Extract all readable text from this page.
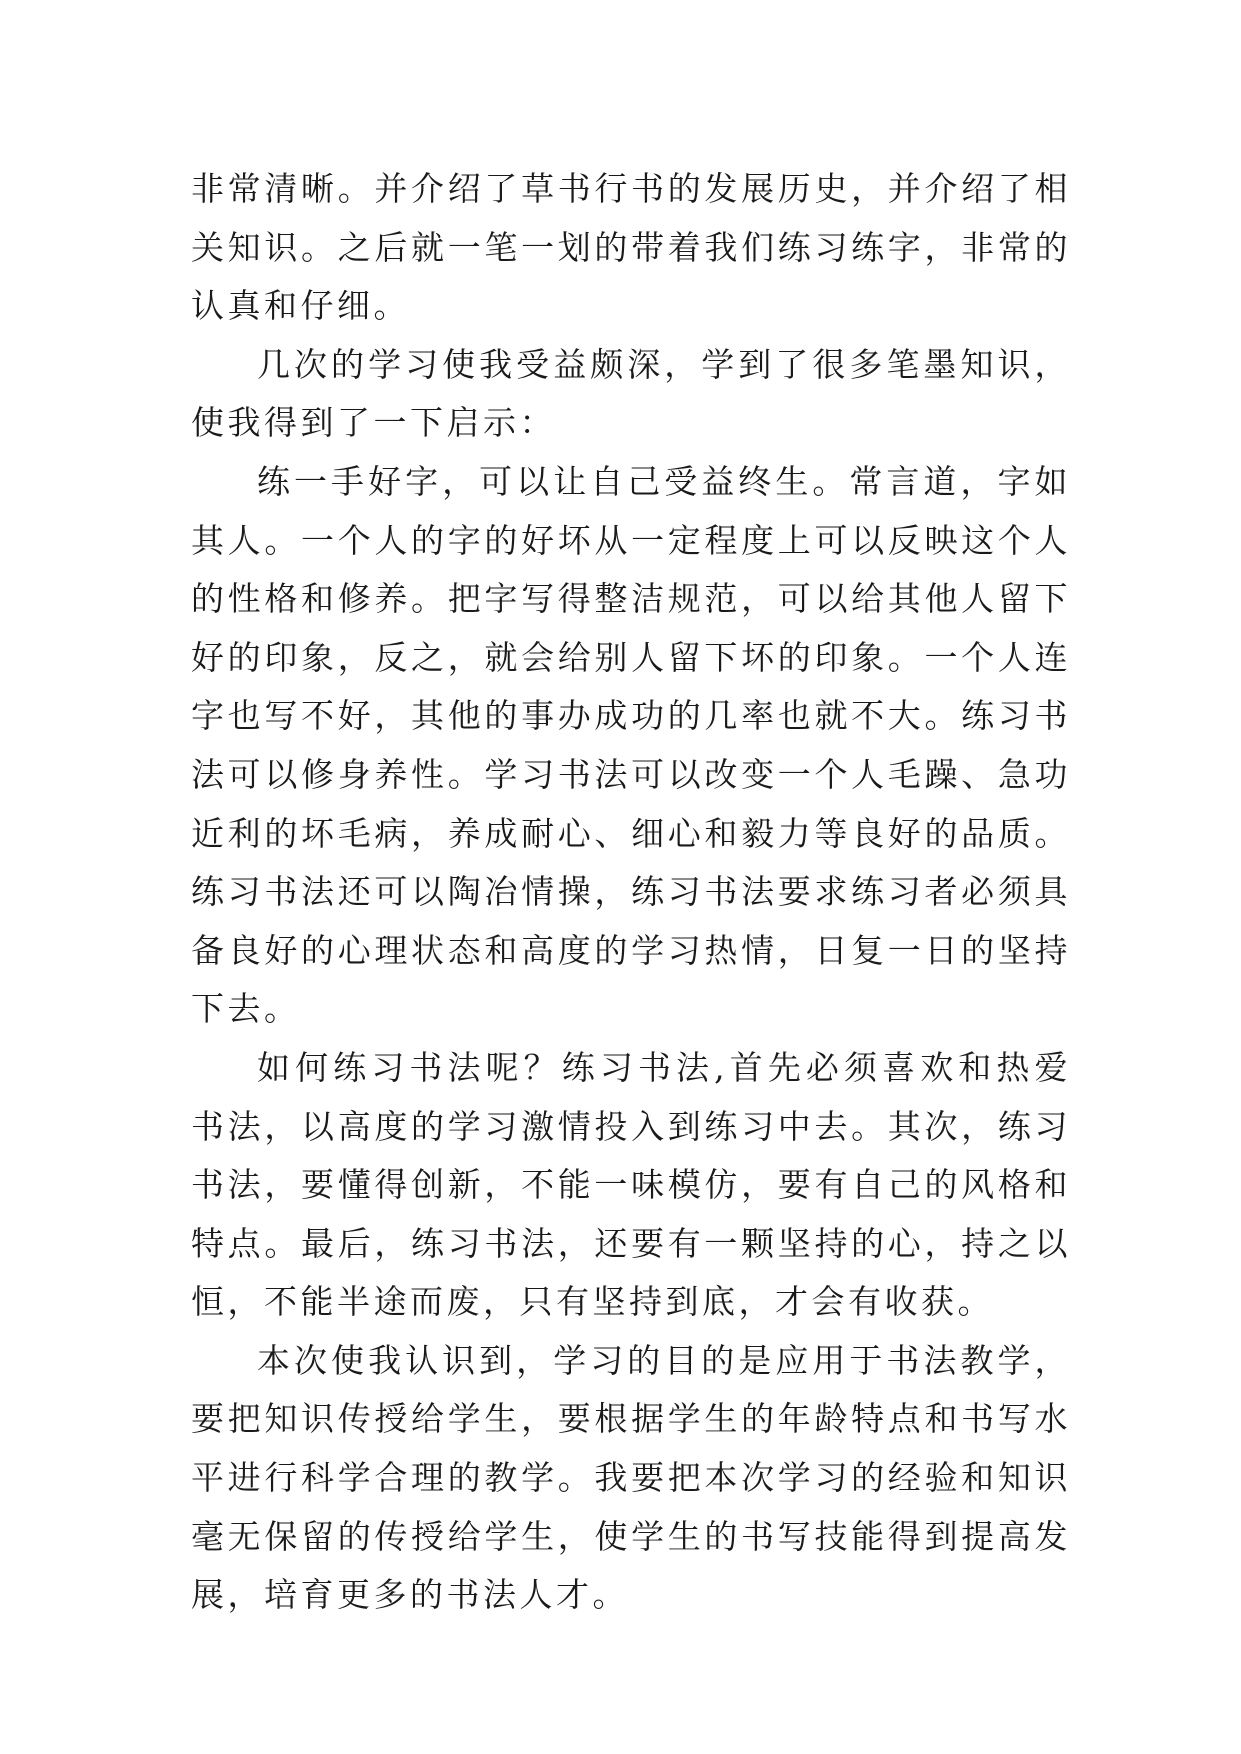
非常清晰。并介绍了草书行书的发展历史，并介绍了相关知识。之后就一笔一划的带着我们练习练字，非常的认真和仔细。

几次的学习使我受益颇深，学到了很多笔墨知识，使我得到了一下启示：

练一手好字，可以让自己受益终生。常言道，字如其人。一个人的字的好坏从一定程度上可以反映这个人的性格和修养。把字写得整洁规范，可以给其他人留下好的印象，反之，就会给别人留下坏的印象。一个人连字也写不好，其他的事办成功的几率也就不大。练习书法可以修身养性。学习书法可以改变一个人毛躁、急功近利的坏毛病，养成耐心、细心和毅力等良好的品质。练习书法还可以陶冶情操，练习书法要求练习者必须具备良好的心理状态和高度的学习热情，日复一日的坚持下去。

如何练习书法呢？练习书法,首先必须喜欢和热爱书法，以高度的学习激情投入到练习中去。其次，练习书法，要懂得创新，不能一味模仿，要有自己的风格和特点。最后，练习书法，还要有一颗坚持的心，持之以恒，不能半途而废，只有坚持到底，才会有收获。

本次使我认识到，学习的目的是应用于书法教学，要把知识传授给学生，要根据学生的年龄特点和书写水平进行科学合理的教学。我要把本次学习的经验和知识毫无保留的传授给学生，使学生的书写技能得到提高发展，培育更多的书法人才。
